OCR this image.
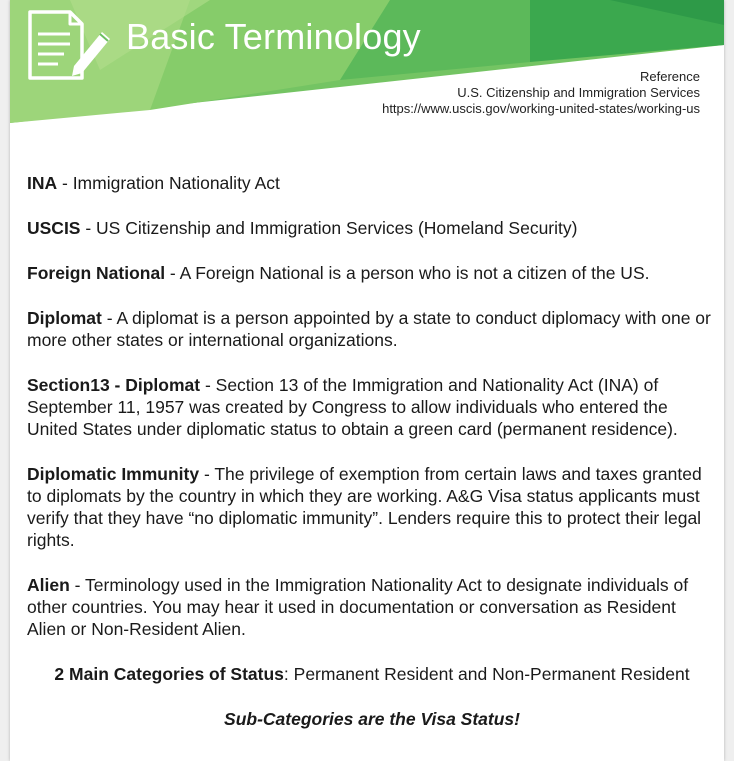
Basic Terminology
Reference
U.S. Citizenship and Immigration Services
https://www.uscis.gov/working-united-states/working-us

INA - Immigration Nationality Act

USCIS - US Citizenship and Immigration Services (Homeland Security)

Foreign National - A Foreign National is a person who is not a citizen of the US.

Diplomat - A diplomat is a person appointed by a state to conduct diplomacy with one or more other states or international organizations.

Section13 - Diplomat - Section 13 of the Immigration and Nationality Act (INA) of September 11, 1957 was created by Congress to allow individuals who entered the United States under diplomatic status to obtain a green card (permanent residence).

Diplomatic Immunity - The privilege of exemption from certain laws and taxes granted to diplomats by the country in which they are working. A&G Visa status applicants must verify that they have “no diplomatic immunity”. Lenders require this to protect their legal rights.

Alien - Terminology used in the Immigration Nationality Act to designate individuals of other countries. You may hear it used in documentation or conversation as Resident Alien or Non-Resident Alien.

2 Main Categories of Status: Permanent Resident and Non-Permanent Resident

Sub-Categories are the Visa Status!
